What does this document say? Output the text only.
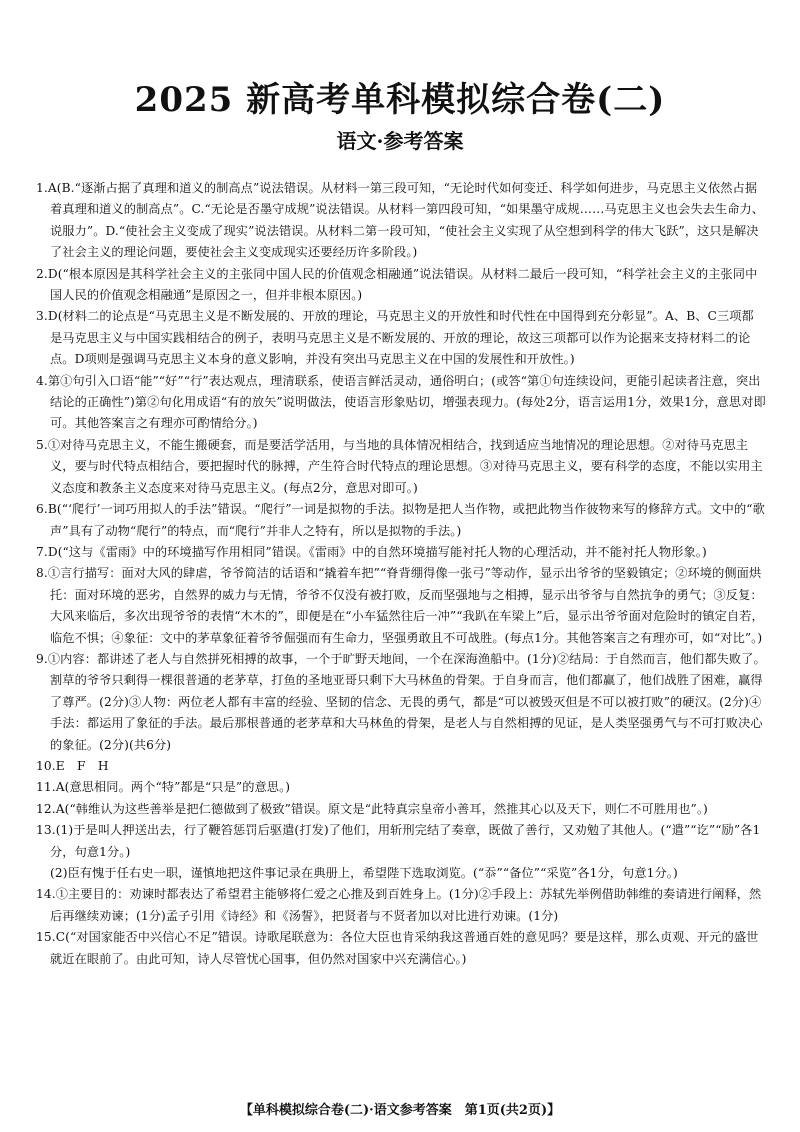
2025 新高考单科模拟综合卷(二)
语文·参考答案

1.A(B.“逐渐占据了真理和道义的制高点”说法错误。从材料一第三段可知，“无论时代如何变迁、科学如何进步，马克思主义依然占据着真理和道义的制高点”。C.“无论是否墨守成规”说法错误。从材料一第四段可知，“如果墨守成规……马克思主义也会失去生命力、说服力”。D.“使社会主义变成了现实”说法错误。从材料二第一段可知，“使社会主义实现了从空想到科学的伟大飞跃”，这只是解决了社会主义的理论问题，要使社会主义变成现实还要经历许多阶段。)

2.D(“根本原因是其科学社会主义的主张同中国人民的价值观念相融通”说法错误。从材料二最后一段可知，“科学社会主义的主张同中国人民的价值观念相融通”是原因之一，但并非根本原因。)

3.D(材料二的论点是“马克思主义是不断发展的、开放的理论，马克思主义的开放性和时代性在中国得到充分彰显”。A、B、C三项都是马克思主义与中国实践相结合的例子，表明马克思主义是不断发展的、开放的理论，故这三项都可以作为论据来支持材料二的论点。D项则是强调马克思主义本身的意义影响，并没有突出马克思主义在中国的发展性和开放性。)

4.第①句引入口语“能”“好”“行”表达观点，理清联系，使语言鲜活灵动，通俗明白；(或答“第①句连续设问，更能引起读者注意，突出结论的正确性”)第②句化用成语“有的放矢”说明做法，使语言形象贴切，增强表现力。(每处2分，语言运用1分，效果1分，意思对即可。其他答案言之有理亦可酌情给分。)

5.①对待马克思主义，不能生搬硬套，而是要活学活用，与当地的具体情况相结合，找到适应当地情况的理论思想。②对待马克思主义，要与时代特点相结合，要把握时代的脉搏，产生符合时代特点的理论思想。③对待马克思主义，要有科学的态度，不能以实用主义态度和教条主义态度来对待马克思主义。(每点2分，意思对即可。)

6.B(“‘爬行’一词巧用拟人的手法”错误。“爬行”一词是拟物的手法。拟物是把人当作物，或把此物当作彼物来写的修辞方式。文中的“歌声”具有了动物“爬行”的特点，而“爬行”并非人之特有，所以是拟物的手法。)

7.D(“这与《雷雨》中的环境描写作用相同”错误。《雷雨》中的自然环境描写能衬托人物的心理活动，并不能衬托人物形象。)

8.①言行描写：面对大风的肆虐，爷爷简洁的话语和“撬着车把”“脊背绷得像一张弓”等动作，显示出爷爷的坚毅镇定；②环境的侧面烘托：面对环境的恶劣，自然界的威力与无情，爷爷不仅没有被打败，反而坚强地与之相搏，显示出爷爷与自然抗争的勇气；③反复：大风来临后，多次出现爷爷的表情“木木的”，即便是在“小车猛然往后一冲”“我趴在车梁上”后，显示出爷爷面对危险时的镇定自若，临危不惧；④象征：文中的茅草象征着爷爷倔强而有生命力，坚强勇敢且不可战胜。(每点1分。其他答案言之有理亦可，如“对比”。)

9.①内容：都讲述了老人与自然拼死相搏的故事，一个于旷野天地间，一个在深海渔船中。(1分)②结局：于自然而言，他们都失败了。割草的爷爷只剩得一棵很普通的老茅草，打鱼的圣地亚哥只剩下大马林鱼的骨架。于自身而言，他们都赢了，他们战胜了困难，赢得了尊严。(2分)③人物：两位老人都有丰富的经验、坚韧的信念、无畏的勇气，都是“可以被毁灭但是不可以被打败”的硬汉。(2分)④手法：都运用了象征的手法。最后那根普通的老茅草和大马林鱼的骨架，是老人与自然相搏的见证，是人类坚强勇气与不可打败决心的象征。(2分)(共6分)

10.E　F　H

11.A(意思相同。两个“特”都是“只是”的意思。)

12.A(“韩维认为这些善举是把仁德做到了极致”错误。原文是“此特真宗皇帝小善耳，然推其心以及天下，则仁不可胜用也”。)

13.(1)于是叫人押送出去，行了鞭笞惩罚后驱遣(打发)了他们，用斩刑完结了奏章，既做了善行，又劝勉了其他人。(“遣”“讫”“励”各1分，句意1分。)
(2)臣有愧于任右史一职，谨慎地把这件事记录在典册上，希望陛下选取浏览。(“忝”“备位”“采览”各1分，句意1分。)

14.①主要目的：劝谏时都表达了希望君主能够将仁爱之心推及到百姓身上。(1分)②手段上：苏轼先举例借助韩维的奏请进行阐释，然后再继续劝谏；(1分)孟子引用《诗经》和《汤誓》，把贤者与不贤者加以对比进行劝谏。(1分)

15.C(“对国家能否中兴信心不足”错误。诗歌尾联意为：各位大臣也肯采纳我这普通百姓的意见吗？要是这样，那么贞观、开元的盛世就近在眼前了。由此可知，诗人尽管忧心国事，但仍然对国家中兴充满信心。)

【单科模拟综合卷(二)·语文参考答案　第1页(共2页)】
